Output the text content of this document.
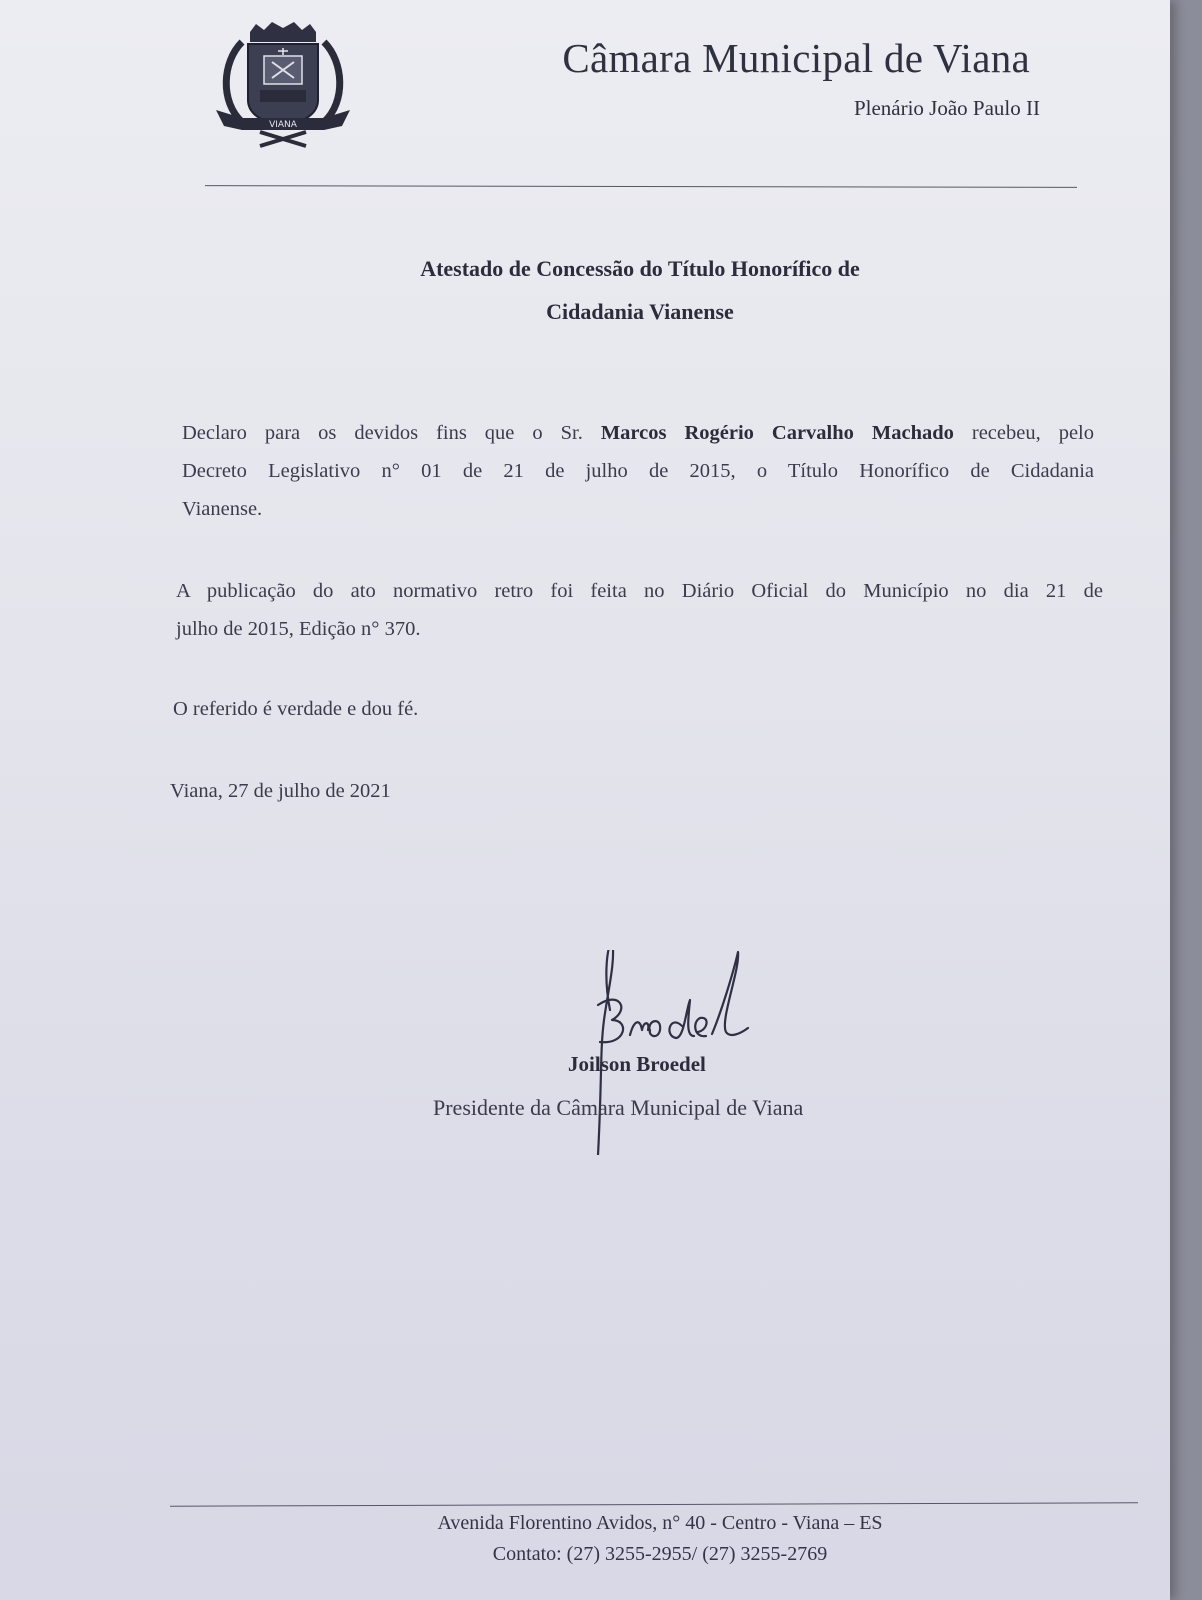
VIANA
Câmara Municipal de Viana
Plenário João Paulo II
Atestado de Concessão do Título Honorífico de
Cidadania Vianense
Declaro para os devidos fins que o Sr. Marcos Rogério Carvalho Machado recebeu, pelo
Decreto Legislativo n° 01 de 21 de julho de 2015, o Título Honorífico de Cidadania
Vianense.
A publicação do ato normativo retro foi feita no Diário Oficial do Município no dia 21 de
julho de 2015, Edição n° 370.
O referido é verdade e dou fé.
Viana, 27 de julho de 2021
Joilson Broedel
Presidente da Câmara Municipal de Viana
Avenida Florentino Avidos, n° 40 - Centro - Viana – ES
Contato: (27) 3255-2955/ (27) 3255-2769
